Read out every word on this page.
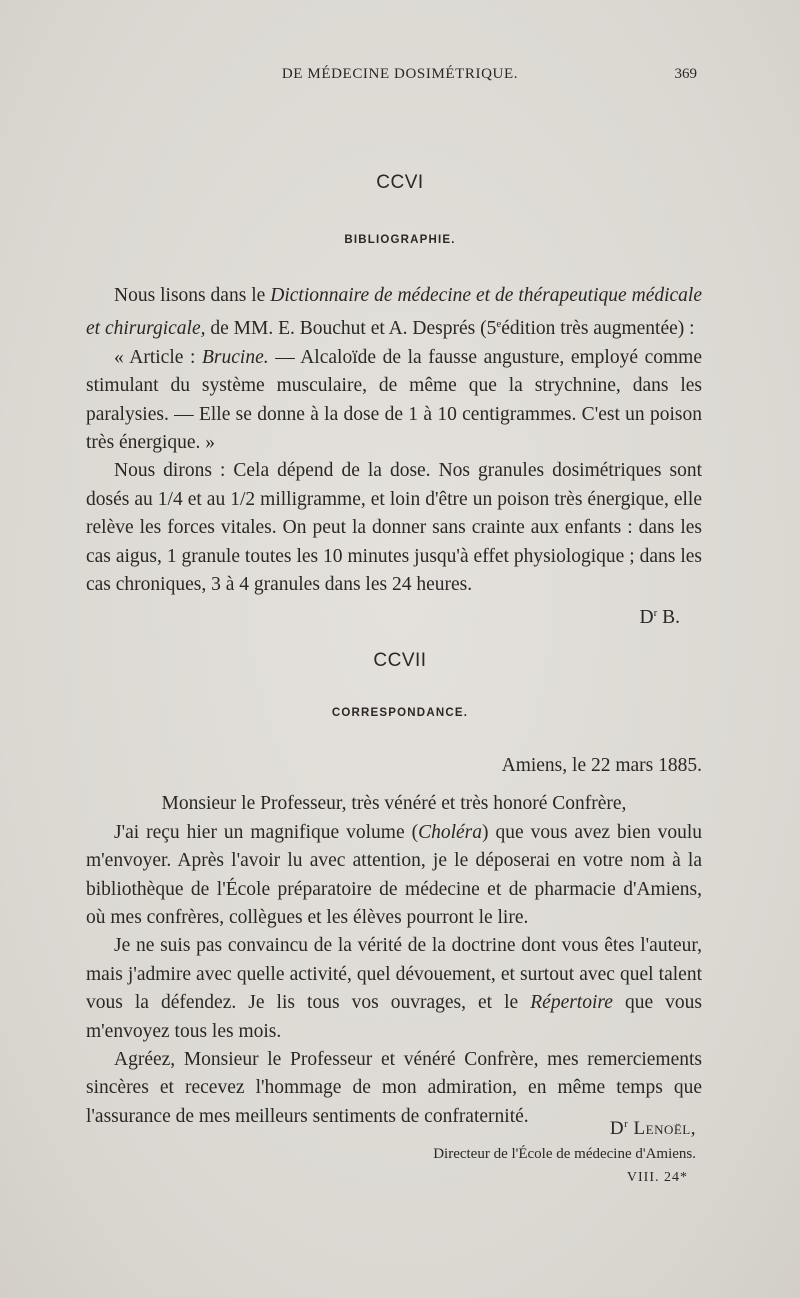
DE MÉDECINE DOSIMÉTRIQUE.	369
CCVI
BIBLIOGRAPHIE.

Nous lisons dans le Dictionnaire de médecine et de thérapeutique médicale et chirurgicale, de MM. E. Bouchut et A. Després (5eédition très augmentée) :

« Article : Brucine. — Alcaloïde de la fausse angusture, employé comme stimulant du système musculaire, de même que la strychnine, dans les paralysies. — Elle se donne à la dose de 1 à 10 centigrammes. C'est un poison très énergique. »

Nous dirons : Cela dépend de la dose. Nos granules dosimétriques sont dosés au 1/4 et au 1/2 milligramme, et loin d'être un poison très énergique, elle relève les forces vitales. On peut la donner sans crainte aux enfants : dans les cas aigus, 1 granule toutes les 10 minutes jusqu'à effet physiologique ; dans les cas chroniques, 3 à 4 granules dans les 24 heures.

$D^r$ B.

CCVII
CORRESPONDANCE.

Amiens, le 22 mars 1885.

Monsieur le Professeur, très vénéré et très honoré Confrère,

J'ai reçu hier un magnifique volume (Choléra) que vous avez bien voulu m'envoyer. Après l'avoir lu avec attention, je le déposerai en votre nom à la bibliothèque de l'École préparatoire de médecine et de pharmacie d'Amiens, où mes confrères, collègues et les élèves pourront le lire.

Je ne suis pas convaincu de la vérité de la doctrine dont vous êtes l'auteur, mais j'admire avec quelle activité, quel dévouement, et surtout avec quel talent vous la défendez. Je lis tous vos ouvrages, et le Répertoire que vous m'envoyez tous les mois.

Agréez, Monsieur le Professeur et vénéré Confrère, mes remerciements sincères et recevez l'hommage de mon admiration, en même temps que l'assurance de mes meilleurs sentiments de confraternité.

$D^r$ Lenoël,
Directeur de l'École de médecine d'Amiens.
VIII. 24*
